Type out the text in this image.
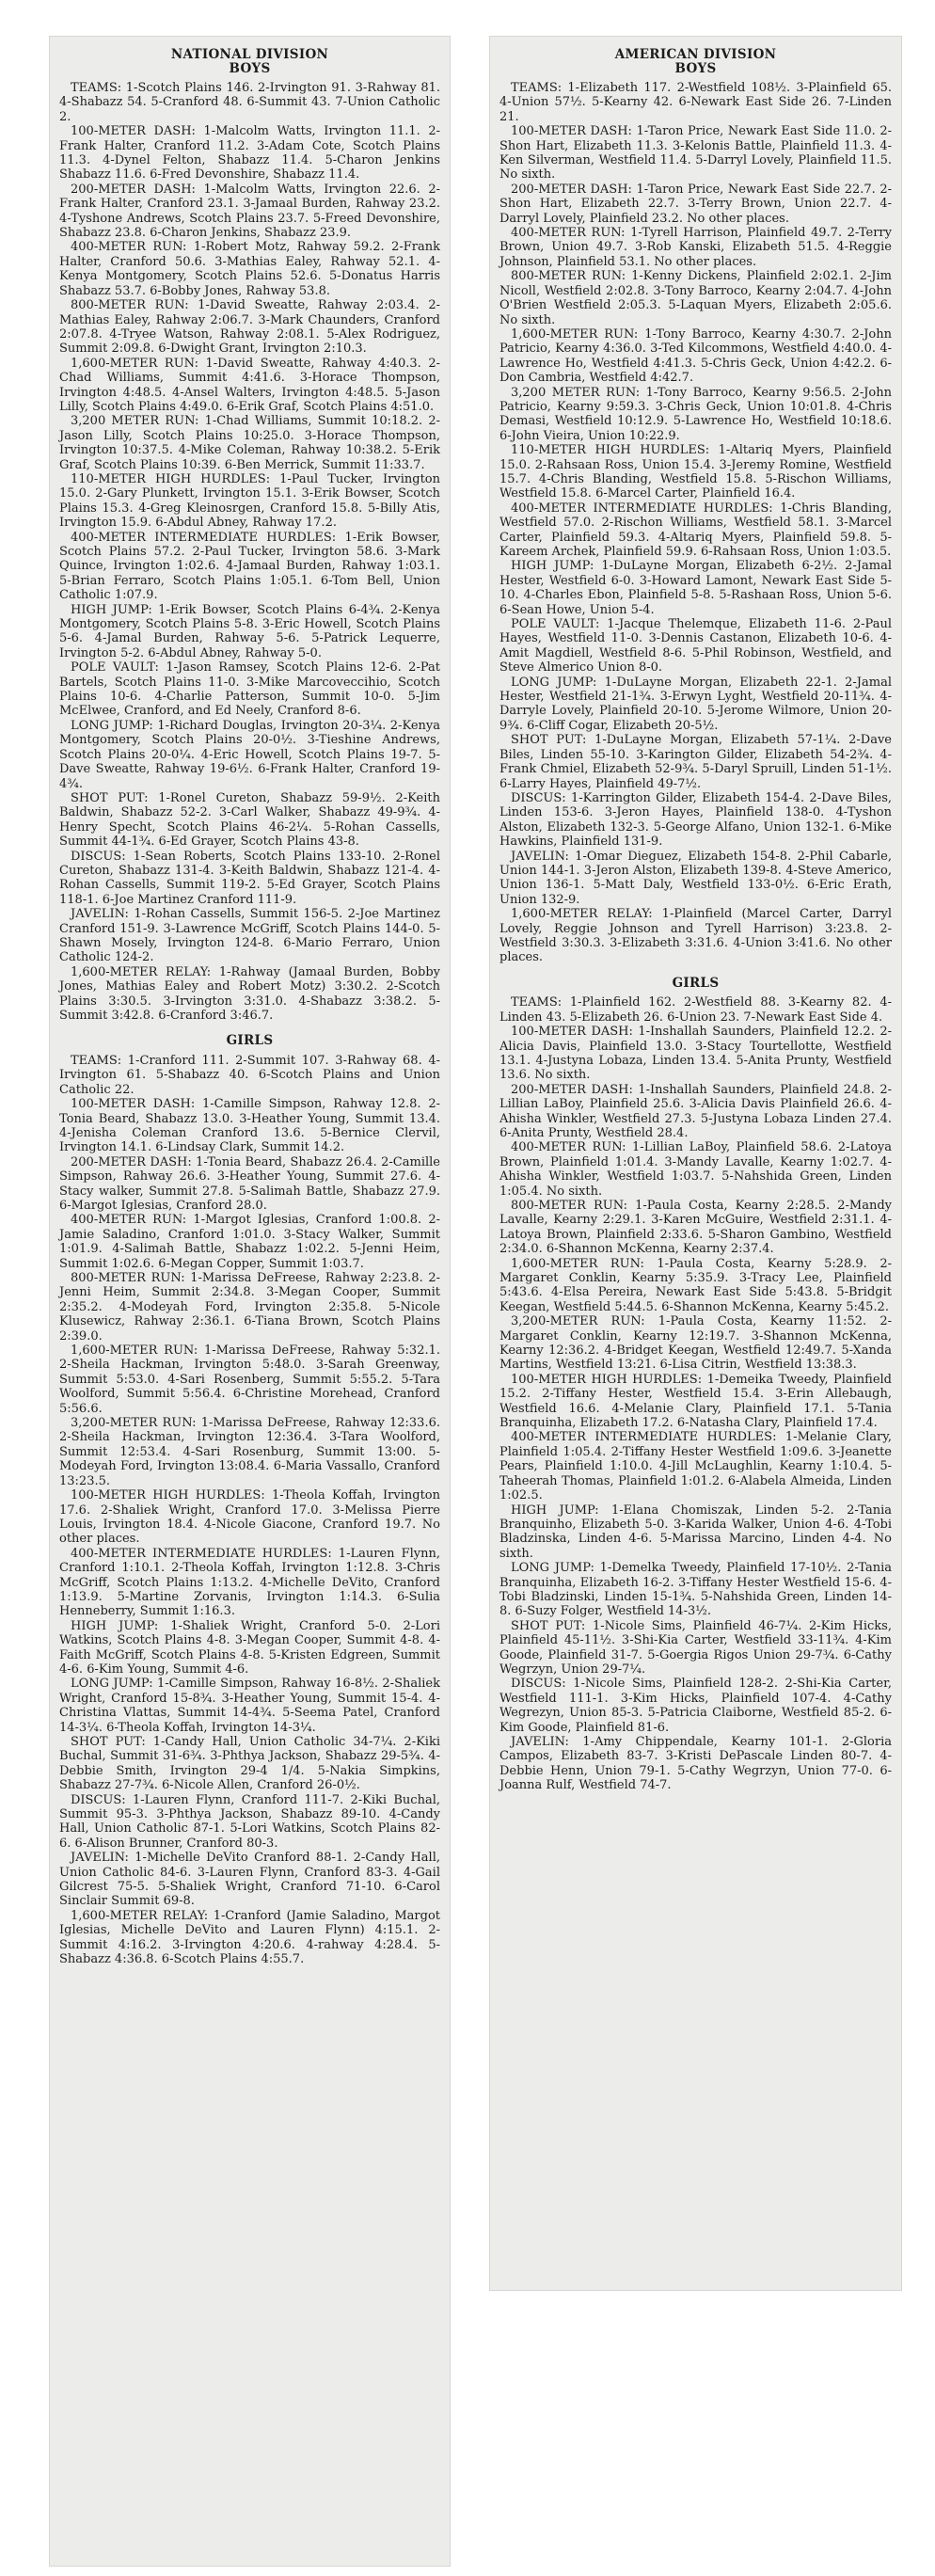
NATIONAL DIVISION
BOYS

TEAMS: 1-Scotch Plains 146. 2-Irvington 91. 3-Rahway 81. 4-Shabazz 54. 5-Cranford 48. 6-Summit 43. 7-Union Catholic 2.

100-METER DASH: 1-Malcolm Watts, Irvington 11.1. 2-Frank Halter, Cranford 11.2. 3-Adam Cote, Scotch Plains 11.3. 4-Dynel Felton, Shabazz 11.4. 5-Charon Jenkins Shabazz 11.6. 6-Fred Devonshire, Shabazz 11.4.

200-METER DASH: 1-Malcolm Watts, Irvington 22.6. 2-Frank Halter, Cranford 23.1. 3-Jamaal Burden, Rahway 23.2. 4-Tyshone Andrews, Scotch Plains 23.7. 5-Freed Devonshire, Shabazz 23.8. 6-Charon Jenkins, Shabazz 23.9.

400-METER RUN: 1-Robert Motz, Rahway 59.2. 2-Frank Halter, Cranford 50.6. 3-Mathias Ealey, Rahway 52.1. 4-Kenya Montgomery, Scotch Plains 52.6. 5-Donatus Harris Shabazz 53.7. 6-Bobby Jones, Rahway 53.8.

800-METER RUN: 1-David Sweatte, Rahway 2:03.4. 2-Mathias Ealey, Rahway 2:06.7. 3-Mark Chaunders, Cranford 2:07.8. 4-Tryee Watson, Rahway 2:08.1. 5-Alex Rodriguez, Summit 2:09.8. 6-Dwight Grant, Irvington 2:10.3.

1,600-METER RUN: 1-David Sweatte, Rahway 4:40.3. 2-Chad Williams, Summit 4:41.6. 3-Horace Thompson, Irvington 4:48.5. 4-Ansel Walters, Irvington 4:48.5. 5-Jason Lilly, Scotch Plains 4:49.0. 6-Erik Graf, Scotch Plains 4:51.0.

3,200 METER RUN: 1-Chad Williams, Summit 10:18.2. 2-Jason Lilly, Scotch Plains 10:25.0. 3-Horace Thompson, Irvington 10:37.5. 4-Mike Coleman, Rahway 10:38.2. 5-Erik Graf, Scotch Plains 10:39. 6-Ben Merrick, Summit 11:33.7.

110-METER HIGH HURDLES: 1-Paul Tucker, Irvington 15.0. 2-Gary Plunkett, Irvington 15.1. 3-Erik Bowser, Scotch Plains 15.3. 4-Greg Kleinosrgen, Cranford 15.8. 5-Billy Atis, Irvington 15.9. 6-Abdul Abney, Rahway 17.2.

400-METER INTERMEDIATE HURDLES: 1-Erik Bowser, Scotch Plains 57.2. 2-Paul Tucker, Irvington 58.6. 3-Mark Quince, Irvington 1:02.6. 4-Jamaal Burden, Rahway 1:03.1. 5-Brian Ferraro, Scotch Plains 1:05.1. 6-Tom Bell, Union Catholic 1:07.9.

HIGH JUMP: 1-Erik Bowser, Scotch Plains 6-4¾. 2-Kenya Montgomery, Scotch Plains 5-8. 3-Eric Howell, Scotch Plains 5-6. 4-Jamal Burden, Rahway 5-6. 5-Patrick Lequerre, Irvington 5-2. 6-Abdul Abney, Rahway 5-0.

POLE VAULT: 1-Jason Ramsey, Scotch Plains 12-6. 2-Pat Bartels, Scotch Plains 11-0. 3-Mike Marcoveccihio, Scotch Plains 10-6. 4-Charlie Patterson, Summit 10-0. 5-Jim McElwee, Cranford, and Ed Neely, Cranford 8-6.

LONG JUMP: 1-Richard Douglas, Irvington 20-3¼. 2-Kenya Montgomery, Scotch Plains 20-0½. 3-Tieshine Andrews, Scotch Plains 20-0¼. 4-Eric Howell, Scotch Plains 19-7. 5-Dave Sweatte, Rahway 19-6½. 6-Frank Halter, Cranford 19-4¾.

SHOT PUT: 1-Ronel Cureton, Shabazz 59-9½. 2-Keith Baldwin, Shabazz 52-2. 3-Carl Walker, Shabazz 49-9¾. 4-Henry Specht, Scotch Plains 46-2¼. 5-Rohan Cassells, Summit 44-1¾. 6-Ed Grayer, Scotch Plains 43-8.

DISCUS: 1-Sean Roberts, Scotch Plains 133-10. 2-Ronel Cureton, Shabazz 131-4. 3-Keith Baldwin, Shabazz 121-4. 4-Rohan Cassells, Summit 119-2. 5-Ed Grayer, Scotch Plains 118-1. 6-Joe Martinez Cranford 111-9.

JAVELIN: 1-Rohan Cassells, Summit 156-5. 2-Joe Martinez Cranford 151-9. 3-Lawrence McGriff, Scotch Plains 144-0. 5-Shawn Mosely, Irvington 124-8. 6-Mario Ferraro, Union Catholic 124-2.

1,600-METER RELAY: 1-Rahway (Jamaal Burden, Bobby Jones, Mathias Ealey and Robert Motz) 3:30.2. 2-Scotch Plains 3:30.5. 3-Irvington 3:31.0. 4-Shabazz 3:38.2. 5-Summit 3:42.8. 6-Cranford 3:46.7.

GIRLS

TEAMS: 1-Cranford 111. 2-Summit 107. 3-Rahway 68. 4-Irvington 61. 5-Shabazz 40. 6-Scotch Plains and Union Catholic 22.

100-METER DASH: 1-Camille Simpson, Rahway 12.8. 2-Tonia Beard, Shabazz 13.0. 3-Heather Young, Summit 13.4. 4-Jenisha Coleman Cranford 13.6. 5-Bernice Clervil, Irvington 14.1. 6-Lindsay Clark, Summit 14.2.

200-METER DASH: 1-Tonia Beard, Shabazz 26.4. 2-Camille Simpson, Rahway 26.6. 3-Heather Young, Summit 27.6. 4-Stacy walker, Summit 27.8. 5-Salimah Battle, Shabazz 27.9. 6-Margot Iglesias, Cranford 28.0.

400-METER RUN: 1-Margot Iglesias, Cranford 1:00.8. 2-Jamie Saladino, Cranford 1:01.0. 3-Stacy Walker, Summit 1:01.9. 4-Salimah Battle, Shabazz 1:02.2. 5-Jenni Heim, Summit 1:02.6. 6-Megan Copper, Summit 1:03.7.

800-METER RUN: 1-Marissa DeFreese, Rahway 2:23.8. 2-Jenni Heim, Summit 2:34.8. 3-Megan Cooper, Summit 2:35.2. 4-Modeyah Ford, Irvington 2:35.8. 5-Nicole Klusewicz, Rahway 2:36.1. 6-Tiana Brown, Scotch Plains 2:39.0.

1,600-METER RUN: 1-Marissa DeFreese, Rahway 5:32.1. 2-Sheila Hackman, Irvington 5:48.0. 3-Sarah Greenway, Summit 5:53.0. 4-Sari Rosenberg, Summit 5:55.2. 5-Tara Woolford, Summit 5:56.4. 6-Christine Morehead, Cranford 5:56.6.

3,200-METER RUN: 1-Marissa DeFreese, Rahway 12:33.6. 2-Sheila Hackman, Irvington 12:36.4. 3-Tara Woolford, Summit 12:53.4. 4-Sari Rosenburg, Summit 13:00. 5-Modeyah Ford, Irvington 13:08.4. 6-Maria Vassallo, Cranford 13:23.5.

100-METER HIGH HURDLES: 1-Theola Koffah, Irvington 17.6. 2-Shaliek Wright, Cranford 17.0. 3-Melissa Pierre Louis, Irvington 18.4. 4-Nicole Giacone, Cranford 19.7. No other places.

400-METER INTERMEDIATE HURDLES: 1-Lauren Flynn, Cranford 1:10.1. 2-Theola Koffah, Irvington 1:12.8. 3-Chris McGriff, Scotch Plains 1:13.2. 4-Michelle DeVito, Cranford 1:13.9. 5-Martine Zorvanis, Irvington 1:14.3. 6-Sulia Henneberry, Summit 1:16.3.

HIGH JUMP: 1-Shaliek Wright, Cranford 5-0. 2-Lori Watkins, Scotch Plains 4-8. 3-Megan Cooper, Summit 4-8. 4-Faith McGriff, Scotch Plains 4-8. 5-Kristen Edgreen, Summit 4-6. 6-Kim Young, Summit 4-6.

LONG JUMP: 1-Camille Simpson, Rahway 16-8½. 2-Shaliek Wright, Cranford 15-8¾. 3-Heather Young, Summit 15-4. 4-Christina Vlattas, Summit 14-4¾. 5-Seema Patel, Cranford 14-3¼. 6-Theola Koffah, Irvington 14-3¼.

SHOT PUT: 1-Candy Hall, Union Catholic 34-7¼. 2-Kiki Buchal, Summit 31-6¾. 3-Phthya Jackson, Shabazz 29-5¾. 4-Debbie Smith, Irvington 29-4 1/4. 5-Nakia Simpkins, Shabazz 27-7¾. 6-Nicole Allen, Cranford 26-0½.

DISCUS: 1-Lauren Flynn, Cranford 111-7. 2-Kiki Buchal, Summit 95-3. 3-Phthya Jackson, Shabazz 89-10. 4-Candy Hall, Union Catholic 87-1. 5-Lori Watkins, Scotch Plains 82-6. 6-Alison Brunner, Cranford 80-3.

JAVELIN: 1-Michelle DeVito Cranford 88-1. 2-Candy Hall, Union Catholic 84-6. 3-Lauren Flynn, Cranford 83-3. 4-Gail Gilcrest 75-5. 5-Shaliek Wright, Cranford 71-10. 6-Carol Sinclair Summit 69-8.

1,600-METER RELAY: 1-Cranford (Jamie Saladino, Margot Iglesias, Michelle DeVito and Lauren Flynn) 4:15.1. 2-Summit 4:16.2. 3-Irvington 4:20.6. 4-rahway 4:28.4. 5-Shabazz 4:36.8. 6-Scotch Plains 4:55.7.

AMERICAN DIVISION
BOYS

TEAMS: 1-Elizabeth 117. 2-Westfield 108½. 3-Plainfield 65. 4-Union 57½. 5-Kearny 42. 6-Newark East Side 26. 7-Linden 21.

100-METER DASH: 1-Taron Price, Newark East Side 11.0. 2-Shon Hart, Elizabeth 11.3. 3-Kelonis Battle, Plainfield 11.3. 4-Ken Silverman, Westfield 11.4. 5-Darryl Lovely, Plainfield 11.5. No sixth.

200-METER DASH: 1-Taron Price, Newark East Side 22.7. 2-Shon Hart, Elizabeth 22.7. 3-Terry Brown, Union 22.7. 4-Darryl Lovely, Plainfield 23.2. No other places.

400-METER RUN: 1-Tyrell Harrison, Plainfield 49.7. 2-Terry Brown, Union 49.7. 3-Rob Kanski, Elizabeth 51.5. 4-Reggie Johnson, Plainfield 53.1. No other places.

800-METER RUN: 1-Kenny Dickens, Plainfield 2:02.1. 2-Jim Nicoll, Westfield 2:02.8. 3-Tony Barroco, Kearny 2:04.7. 4-John O'Brien Westfield 2:05.3. 5-Laquan Myers, Elizabeth 2:05.6. No sixth.

1,600-METER RUN: 1-Tony Barroco, Kearny 4:30.7. 2-John Patricio, Kearny 4:36.0. 3-Ted Kilcommons, Westfield 4:40.0. 4-Lawrence Ho, Westfield 4:41.3. 5-Chris Geck, Union 4:42.2. 6-Don Cambria, Westfield 4:42.7.

3,200 METER RUN: 1-Tony Barroco, Kearny 9:56.5. 2-John Patricio, Kearny 9:59.3. 3-Chris Geck, Union 10:01.8. 4-Chris Demasi, Westfield 10:12.9. 5-Lawrence Ho, Westfield 10:18.6. 6-John Vieira, Union 10:22.9.

110-METER HIGH HURDLES: 1-Altariq Myers, Plainfield 15.0. 2-Rahsaan Ross, Union 15.4. 3-Jeremy Romine, Westfield 15.7. 4-Chris Blanding, Westfield 15.8. 5-Rischon Williams, Westfield 15.8. 6-Marcel Carter, Plainfield 16.4.

400-METER INTERMEDIATE HURDLES: 1-Chris Blanding, Westfield 57.0. 2-Rischon Williams, Westfield 58.1. 3-Marcel Carter, Plainfield 59.3. 4-Altariq Myers, Plainfield 59.8. 5-Kareem Archek, Plainfield 59.9. 6-Rahsaan Ross, Union 1:03.5.

HIGH JUMP: 1-DuLayne Morgan, Elizabeth 6-2½. 2-Jamal Hester, Westfield 6-0. 3-Howard Lamont, Newark East Side 5-10. 4-Charles Ebon, Plainfield 5-8. 5-Rashaan Ross, Union 5-6. 6-Sean Howe, Union 5-4.

POLE VAULT: 1-Jacque Thelemque, Elizabeth 11-6. 2-Paul Hayes, Westfield 11-0. 3-Dennis Castanon, Elizabeth 10-6. 4-Amit Magdiell, Westfield 8-6. 5-Phil Robinson, Westfield, and Steve Almerico Union 8-0.

LONG JUMP: 1-DuLayne Morgan, Elizabeth 22-1. 2-Jamal Hester, Westfield 21-1¾. 3-Erwyn Lyght, Westfield 20-11¾. 4-Darryle Lovely, Plainfield 20-10. 5-Jerome Wilmore, Union 20-9¾. 6-Cliff Cogar, Elizabeth 20-5½.

SHOT PUT: 1-DuLayne Morgan, Elizabeth 57-1¼. 2-Dave Biles, Linden 55-10. 3-Karington Gilder, Elizabeth 54-2¾. 4-Frank Chmiel, Elizabeth 52-9¾. 5-Daryl Spruill, Linden 51-1½. 6-Larry Hayes, Plainfield 49-7½.

DISCUS: 1-Karrington Gilder, Elizabeth 154-4. 2-Dave Biles, Linden 153-6. 3-Jeron Hayes, Plainfield 138-0. 4-Tyshon Alston, Elizabeth 132-3. 5-George Alfano, Union 132-1. 6-Mike Hawkins, Plainfield 131-9.

JAVELIN: 1-Omar Dieguez, Elizabeth 154-8. 2-Phil Cabarle, Union 144-1. 3-Jeron Alston, Elizabeth 139-8. 4-Steve Americo, Union 136-1. 5-Matt Daly, Westfield 133-0½. 6-Eric Erath, Union 132-9.

1,600-METER RELAY: 1-Plainfield (Marcel Carter, Darryl Lovely, Reggie Johnson and Tyrell Harrison) 3:23.8. 2-Westfield 3:30.3. 3-Elizabeth 3:31.6. 4-Union 3:41.6. No other places.

GIRLS

TEAMS: 1-Plainfield 162. 2-Westfield 88. 3-Kearny 82. 4-Linden 43. 5-Elizabeth 26. 6-Union 23. 7-Newark East Side 4.

100-METER DASH: 1-Inshallah Saunders, Plainfield 12.2. 2-Alicia Davis, Plainfield 13.0. 3-Stacy Tourtellotte, Westfield 13.1. 4-Justyna Lobaza, Linden 13.4. 5-Anita Prunty, Westfield 13.6. No sixth.

200-METER DASH: 1-Inshallah Saunders, Plainfield 24.8. 2-Lillian LaBoy, Plainfield 25.6. 3-Alicia Davis Plainfield 26.6. 4-Ahisha Winkler, Westfield 27.3. 5-Justyna Lobaza Linden 27.4. 6-Anita Prunty, Westfield 28.4.

400-METER RUN: 1-Lillian LaBoy, Plainfield 58.6. 2-Latoya Brown, Plainfield 1:01.4. 3-Mandy Lavalle, Kearny 1:02.7. 4-Ahisha Winkler, Westfield 1:03.7. 5-Nahshida Green, Linden 1:05.4. No sixth.

800-METER RUN: 1-Paula Costa, Kearny 2:28.5. 2-Mandy Lavalle, Kearny 2:29.1. 3-Karen McGuire, Westfield 2:31.1. 4-Latoya Brown, Plainfield 2:33.6. 5-Sharon Gambino, Westfield 2:34.0. 6-Shannon McKenna, Kearny 2:37.4.

1,600-METER RUN: 1-Paula Costa, Kearny 5:28.9. 2-Margaret Conklin, Kearny 5:35.9. 3-Tracy Lee, Plainfield 5:43.6. 4-Elsa Pereira, Newark East Side 5:43.8. 5-Bridgit Keegan, Westfield 5:44.5. 6-Shannon McKenna, Kearny 5:45.2.

3,200-METER RUN: 1-Paula Costa, Kearny 11:52. 2-Margaret Conklin, Kearny 12:19.7. 3-Shannon McKenna, Kearny 12:36.2. 4-Bridget Keegan, Westfield 12:49.7. 5-Xanda Martins, Westfield 13:21. 6-Lisa Citrin, Westfield 13:38.3.

100-METER HIGH HURDLES: 1-Demeika Tweedy, Plainfield 15.2. 2-Tiffany Hester, Westfield 15.4. 3-Erin Allebaugh, Westfield 16.6. 4-Melanie Clary, Plainfield 17.1. 5-Tania Branquinha, Elizabeth 17.2. 6-Natasha Clary, Plainfield 17.4.

400-METER INTERMEDIATE HURDLES: 1-Melanie Clary, Plainfield 1:05.4. 2-Tiffany Hester Westfield 1:09.6. 3-Jeanette Pears, Plainfield 1:10.0. 4-Jill McLaughlin, Kearny 1:10.4. 5-Taheerah Thomas, Plainfield 1:01.2. 6-Alabela Almeida, Linden 1:02.5.

HIGH JUMP: 1-Elana Chomiszak, Linden 5-2. 2-Tania Branquinho, Elizabeth 5-0. 3-Karida Walker, Union 4-6. 4-Tobi Bladzinska, Linden 4-6. 5-Marissa Marcino, Linden 4-4. No sixth.

LONG JUMP: 1-Demelka Tweedy, Plainfield 17-10½. 2-Tania Branquinha, Elizabeth 16-2. 3-Tiffany Hester Westfield 15-6. 4-Tobi Bladzinski, Linden 15-1¾. 5-Nahshida Green, Linden 14-8. 6-Suzy Folger, Westfield 14-3½.

SHOT PUT: 1-Nicole Sims, Plainfield 46-7¼. 2-Kim Hicks, Plainfield 45-11½. 3-Shi-Kia Carter, Westfield 33-11¾. 4-Kim Goode, Plainfield 31-7. 5-Goergia Rigos Union 29-7¾. 6-Cathy Wegrzyn, Union 29-7¼.

DISCUS: 1-Nicole Sims, Plainfield 128-2. 2-Shi-Kia Carter, Westfield 111-1. 3-Kim Hicks, Plainfield 107-4. 4-Cathy Wegrezyn, Union 85-3. 5-Patricia Claiborne, Westfield 85-2. 6-Kim Goode, Plainfield 81-6.

JAVELIN: 1-Amy Chippendale, Kearny 101-1. 2-Gloria Campos, Elizabeth 83-7. 3-Kristi DePascale Linden 80-7. 4-Debbie Henn, Union 79-1. 5-Cathy Wegrzyn, Union 77-0. 6-Joanna Rulf, Westfield 74-7.
